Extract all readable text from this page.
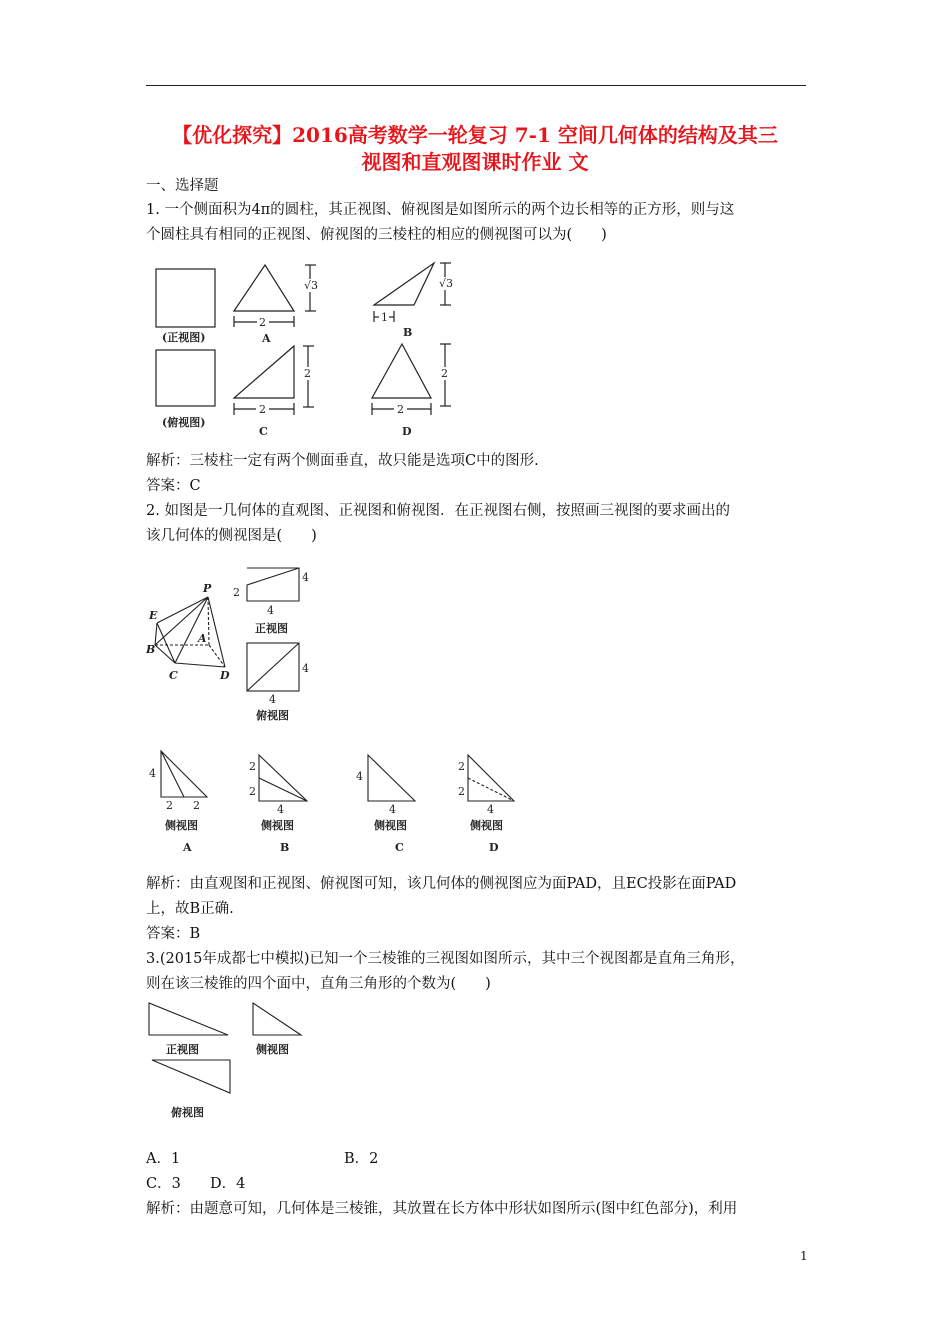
【优化探究】2016高考数学一轮复习 7-1 空间几何体的结构及其三
视图和直观图课时作业 文
一、选择题
1. 一个侧面积为4π的圆柱，其正视图、俯视图是如图所示的两个边长相等的正方形，则与这
个圆柱具有相同的正视图、俯视图的三棱柱的相应的侧视图可以为(　　)
(正视图)
(俯视图)
2
√3
A
1
√3
B
2
2
C
2
2
D
解析：三棱柱一定有两个侧面垂直，故只能是选项C中的图形.
答案：C
2. 如图是一几何体的直观图、正视图和俯视图．在正视图右侧，按照画三视图的要求画出的
该几何体的侧视图是(　　)
P
E
A
B
C	D
2
4
4
正视图
4
4
俯视图
4
2 2
侧视图
A
2
2
4
侧视图
B
4
4
侧视图
C
2
2
4
侧视图
D
解析：由直观图和正视图、俯视图可知，该几何体的侧视图应为面PAD，且EC投影在面PAD
上，故B正确.
答案：B
3.(2015年成都七中模拟)已知一个三棱锥的三视图如图所示，其中三个视图都是直角三角形，
则在该三棱锥的四个面中，直角三角形的个数为(　　)
正视图	侧视图
俯视图
A．1	B．2
C．3 D．4
解析：由题意可知，几何体是三棱锥，其放置在长方体中形状如图所示(图中红色部分)，利用
1
